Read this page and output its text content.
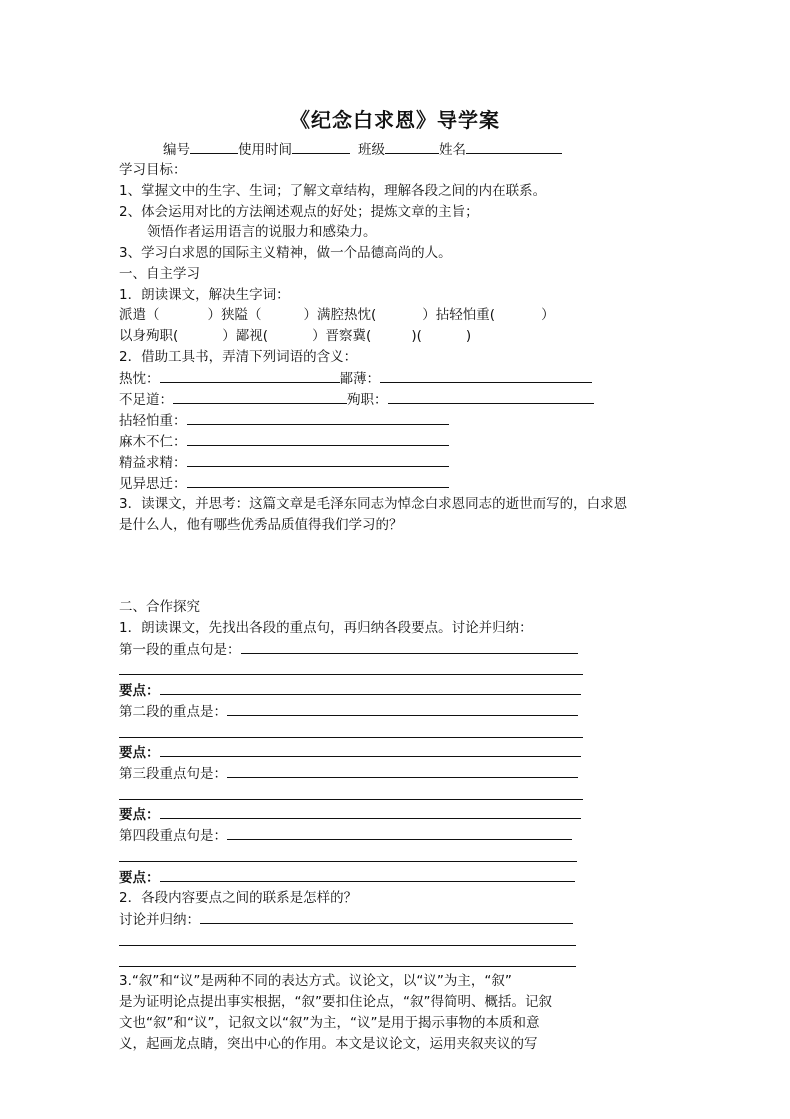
《纪念白求恩》导学案
编号	使用时间	班级	姓名
学习目标：
1、掌握文中的生字、生词；了解文章结构，理解各段之间的内在联系。
2、体会运用对比的方法阐述观点的好处；提炼文章的主旨；
领悟作者运用语言的说服力和感染力。
3、学习白求恩的国际主义精神，做一个品德高尚的人。
一、自主学习
1．朗读课文，解决生字词：
派遣（	）狭隘（	）满腔热忱(	）拈轻怕重(	）
以身殉职(	）鄙视(	）晋察冀(	)(	)
2．借助工具书，弄清下列词语的含义：
热忱：	鄙薄：
不足道：	殉职：
拈轻怕重：
麻木不仁：
精益求精：
见异思迁：
3．读课文，并思考：这篇文章是毛泽东同志为悼念白求恩同志的逝世而写的，白求恩
是什么人，他有哪些优秀品质值得我们学习的？
二、合作探究
1．朗读课文，先找出各段的重点句，再归纳各段要点。讨论并归纳：
第一段的重点句是：
要点：
第二段的重点是：
要点：
第三段重点句是：
要点：
第四段重点句是：
要点：
2．各段内容要点之间的联系是怎样的？
讨论并归纳：
3.“叙”和“议”是两种不同的表达方式。议论文，以“议”为主，“叙”
是为证明论点提出事实根据，“叙”要扣住论点，“叙”得简明、概括。记叙
文也“叙”和“议”，记叙文以“叙”为主，“议”是用于揭示事物的本质和意
义，起画龙点睛，突出中心的作用。本文是议论文，运用夹叙夹议的写
